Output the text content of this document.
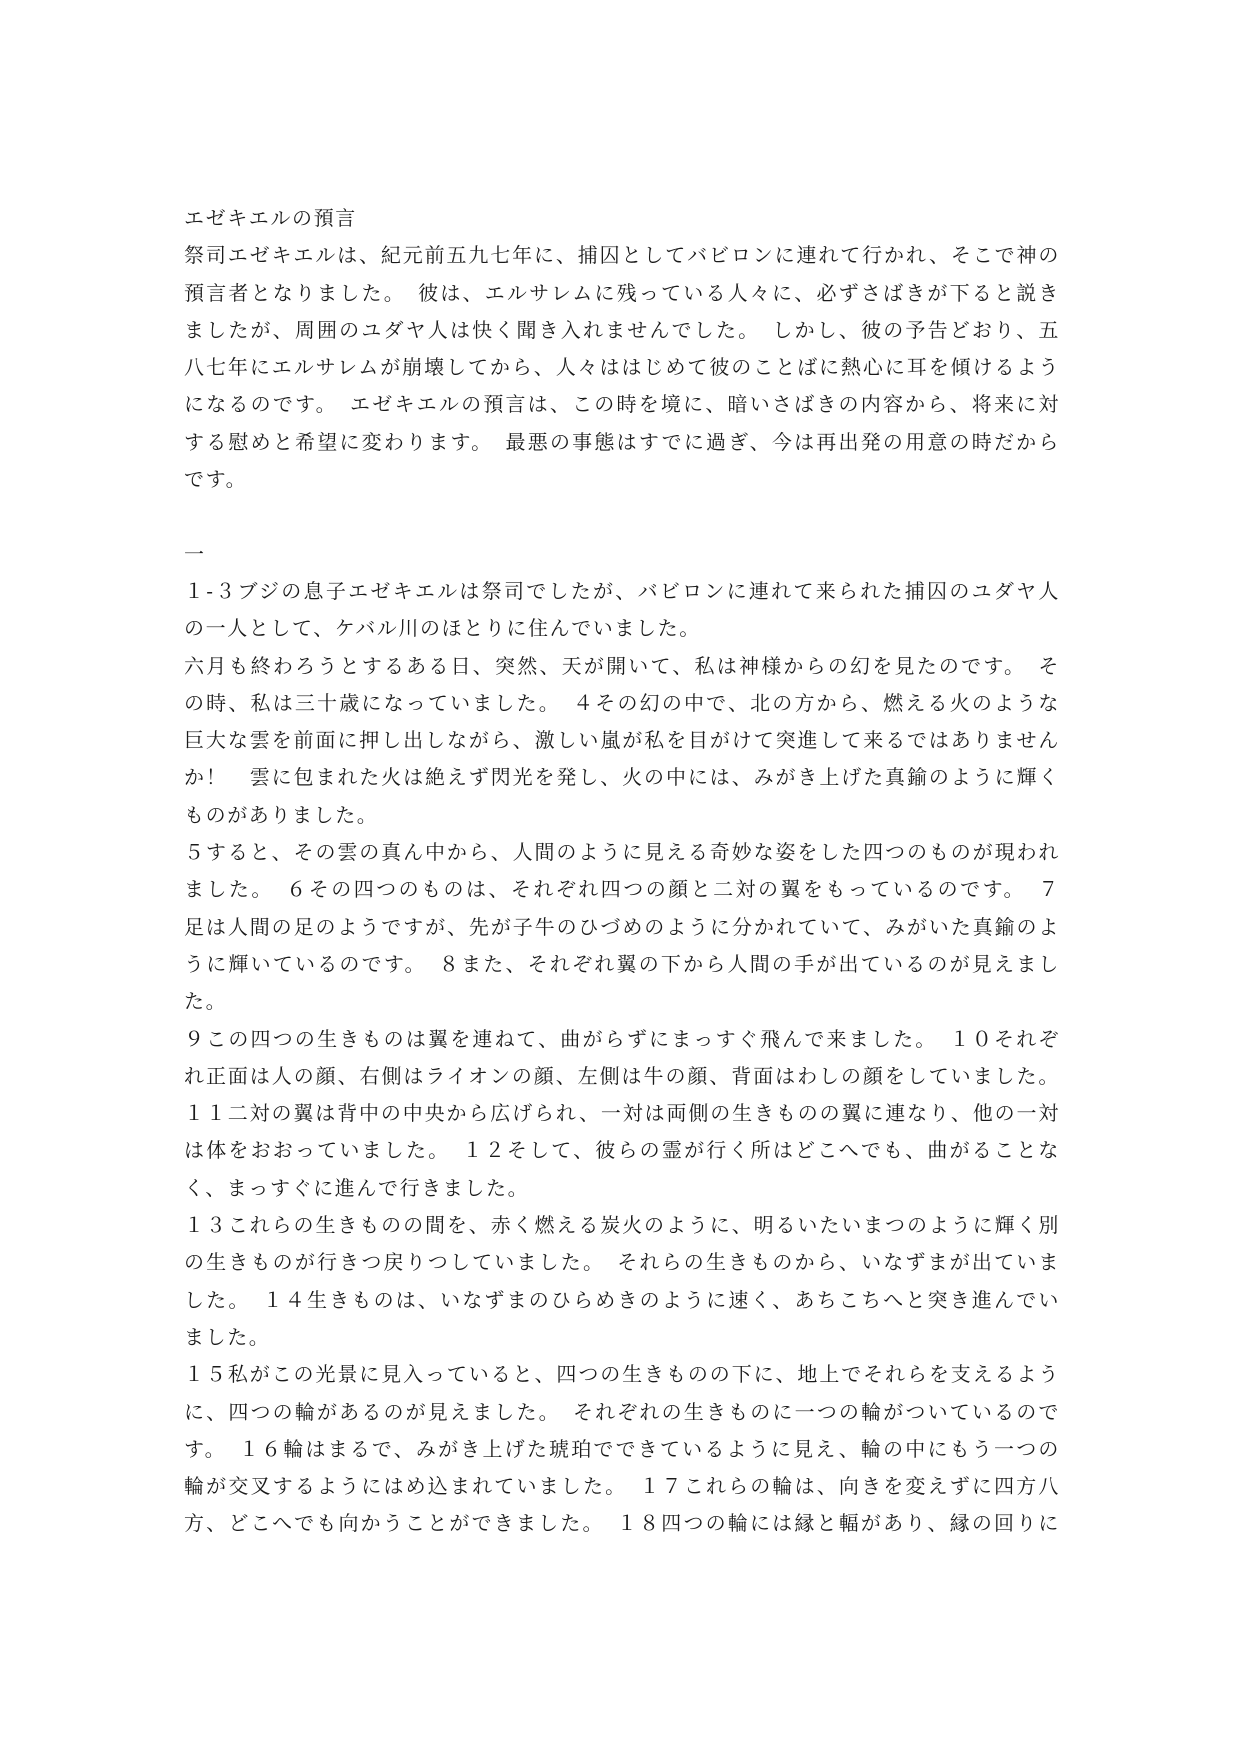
エゼキエルの預言
祭司エゼキエルは、紀元前五九七年に、捕囚としてバビロンに連れて行かれ、そこで神の
預言者となりました。　彼は、エルサレムに残っている人々に、必ずさばきが下ると説き
ましたが、周囲のユダヤ人は快く聞き入れませんでした。　しかし、彼の予告どおり、五
八七年にエルサレムが崩壊してから、人々ははじめて彼のことばに熱心に耳を傾けるよう
になるのです。　エゼキエルの預言は、この時を境に、暗いさばきの内容から、将来に対
する慰めと希望に変わります。　最悪の事態はすでに過ぎ、今は再出発の用意の時だから
です。
一
１‐３ブジの息子エゼキエルは祭司でしたが、バビロンに連れて来られた捕囚のユダヤ人
の一人として、ケバル川のほとりに住んでいました。
六月も終わろうとするある日、突然、天が開いて、私は神様からの幻を見たのです。　そ
の時、私は三十歳になっていました。　４その幻の中で、北の方から、燃える火のような
巨大な雲を前面に押し出しながら、激しい嵐が私を目がけて突進して来るではありません
か！　雲に包まれた火は絶えず閃光を発し、火の中には、みがき上げた真鍮のように輝く
ものがありました。
５すると、その雲の真ん中から、人間のように見える奇妙な姿をした四つのものが現われ
ました。　６その四つのものは、それぞれ四つの顔と二対の翼をもっているのです。　７
足は人間の足のようですが、先が子牛のひづめのように分かれていて、みがいた真鍮のよ
うに輝いているのです。　８また、それぞれ翼の下から人間の手が出ているのが見えまし
た。
９この四つの生きものは翼を連ねて、曲がらずにまっすぐ飛んで来ました。　１０それぞ
れ正面は人の顔、右側はライオンの顔、左側は牛の顔、背面はわしの顔をしていました。
１１二対の翼は背中の中央から広げられ、一対は両側の生きものの翼に連なり、他の一対
は体をおおっていました。　１２そして、彼らの霊が行く所はどこへでも、曲がることな
く、まっすぐに進んで行きました。
１３これらの生きものの間を、赤く燃える炭火のように、明るいたいまつのように輝く別
の生きものが行きつ戻りつしていました。　それらの生きものから、いなずまが出ていま
した。　１４生きものは、いなずまのひらめきのように速く、あちこちへと突き進んでい
ました。
１５私がこの光景に見入っていると、四つの生きものの下に、地上でそれらを支えるよう
に、四つの輪があるのが見えました。　それぞれの生きものに一つの輪がついているので
す。　１６輪はまるで、みがき上げた琥珀でできているように見え、輪の中にもう一つの
輪が交叉するようにはめ込まれていました。　１７これらの輪は、向きを変えずに四方八
方、どこへでも向かうことができました。　１８四つの輪には縁と輻があり、縁の回りに
